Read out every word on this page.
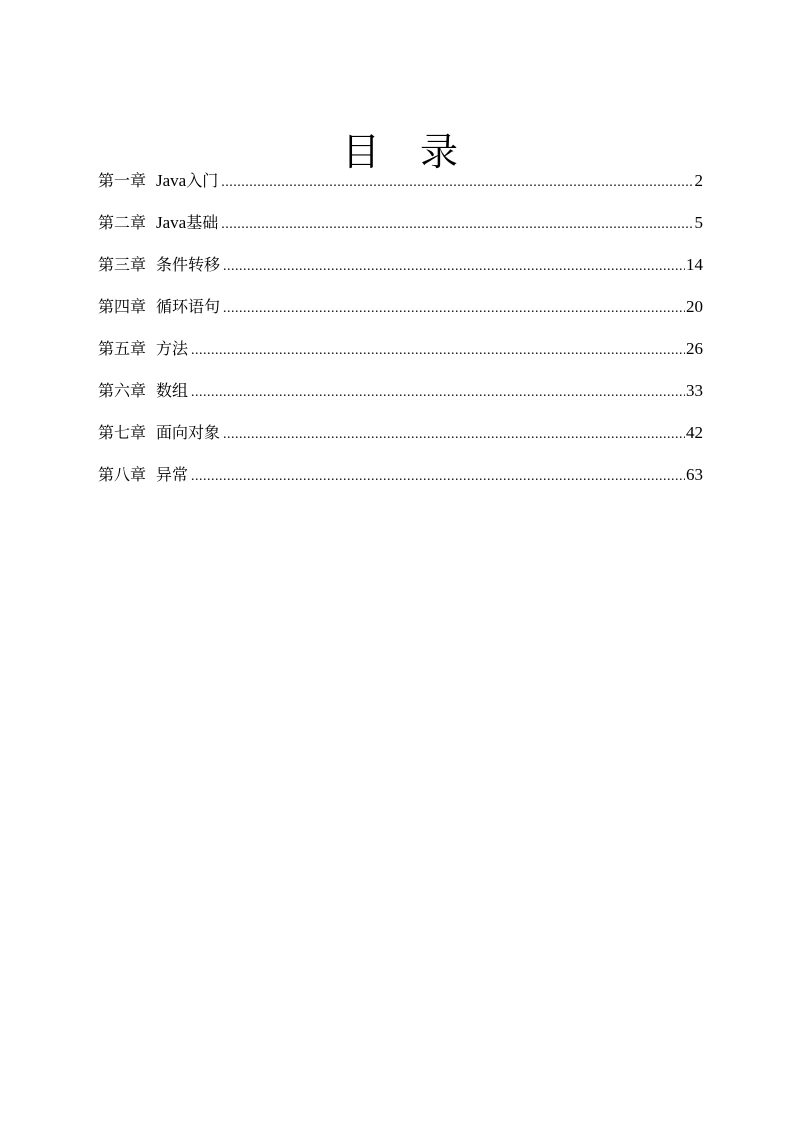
目 录
第一章 Java入门 .....	2
第二章 Java基础 .....	5
第三章 条件转移 .....	14
第四章 循环语句 .....	20
第五章 方法 .....	26
第六章 数组 .....	33
第七章 面向对象 .....	42
第八章 异常 .....	63
